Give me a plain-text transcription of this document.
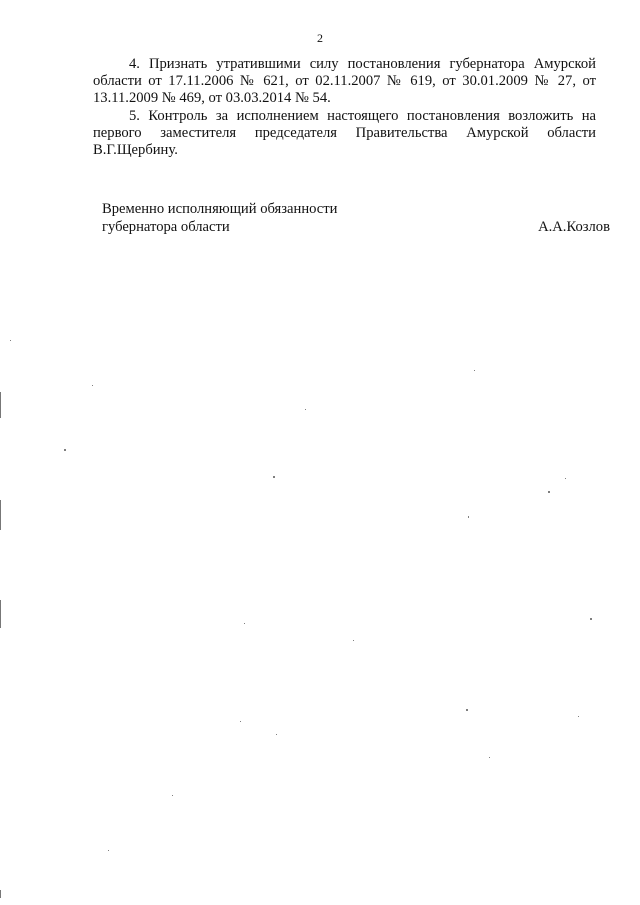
2

4. Признать утратившими силу постановления губернатора Амурской области от 17.11.2006 № 621, от 02.11.2007 № 619, от 30.01.2009 № 27, от 13.11.2009 № 469, от 03.03.2014 № 54.

5. Контроль за исполнением настоящего постановления возложить на первого заместителя председателя Правительства Амурской области В.Г.Щербину.

Временно исполняющий обязанности
губернатора области	А.А.Козлов
